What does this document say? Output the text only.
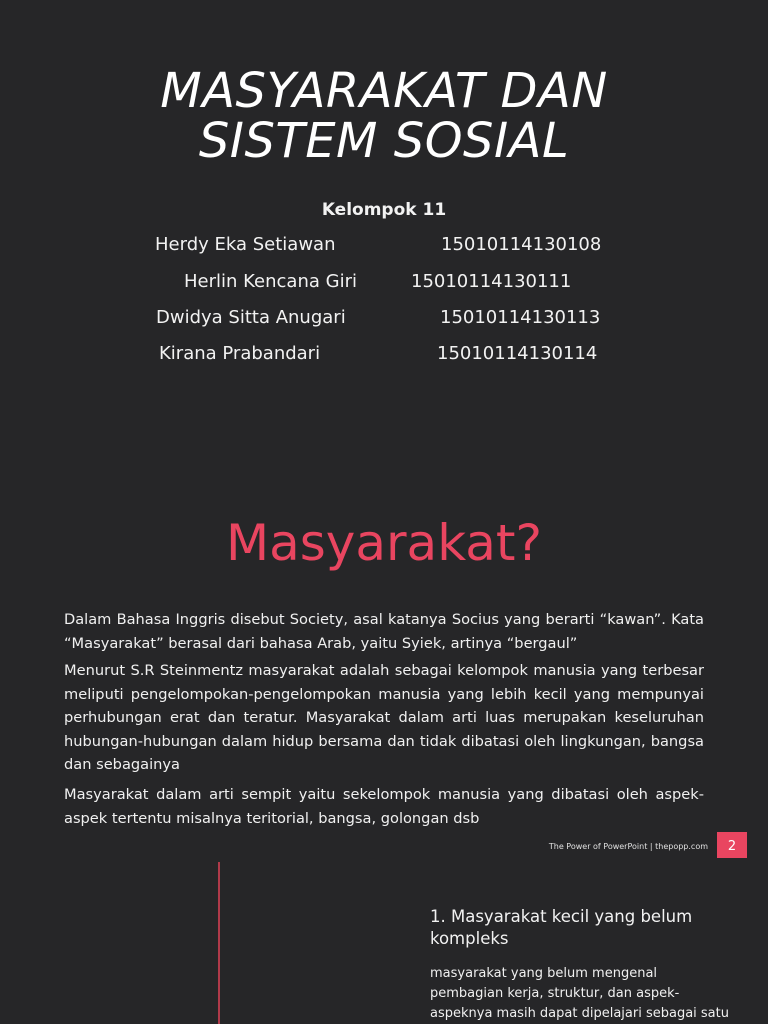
MASYARAKAT DAN
SISTEM SOSIAL
Kelompok 11
Herdy Eka Setiawan	15010114130108
Herlin Kencana Giri	15010114130111
Dwidya Sitta Anugari	15010114130113
Kirana Prabandari	15010114130114
Masyarakat?
Dalam Bahasa Inggris disebut Society, asal katanya Socius yang berarti “kawan”. Kata “Masyarakat” berasal dari bahasa Arab, yaitu Syiek, artinya “bergaul”
Menurut S.R Steinmentz masyarakat adalah sebagai kelompok manusia yang terbesar meliputi pengelompokan-pengelompokan manusia yang lebih kecil yang mempunyai perhubungan erat dan teratur. Masyarakat dalam arti luas merupakan keseluruhan hubungan-hubungan dalam hidup bersama dan tidak dibatasi oleh lingkungan, bangsa dan sebagainya
Masyarakat dalam arti sempit yaitu sekelompok manusia yang dibatasi oleh aspek-aspek tertentu misalnya teritorial, bangsa, golongan dsb
The Power of PowerPoint | thepopp.com	2
1. Masyarakat kecil yang belum kompleks
masyarakat yang belum mengenal pembagian kerja, struktur, dan aspek-aspeknya masih dapat dipelajari sebagai satu
